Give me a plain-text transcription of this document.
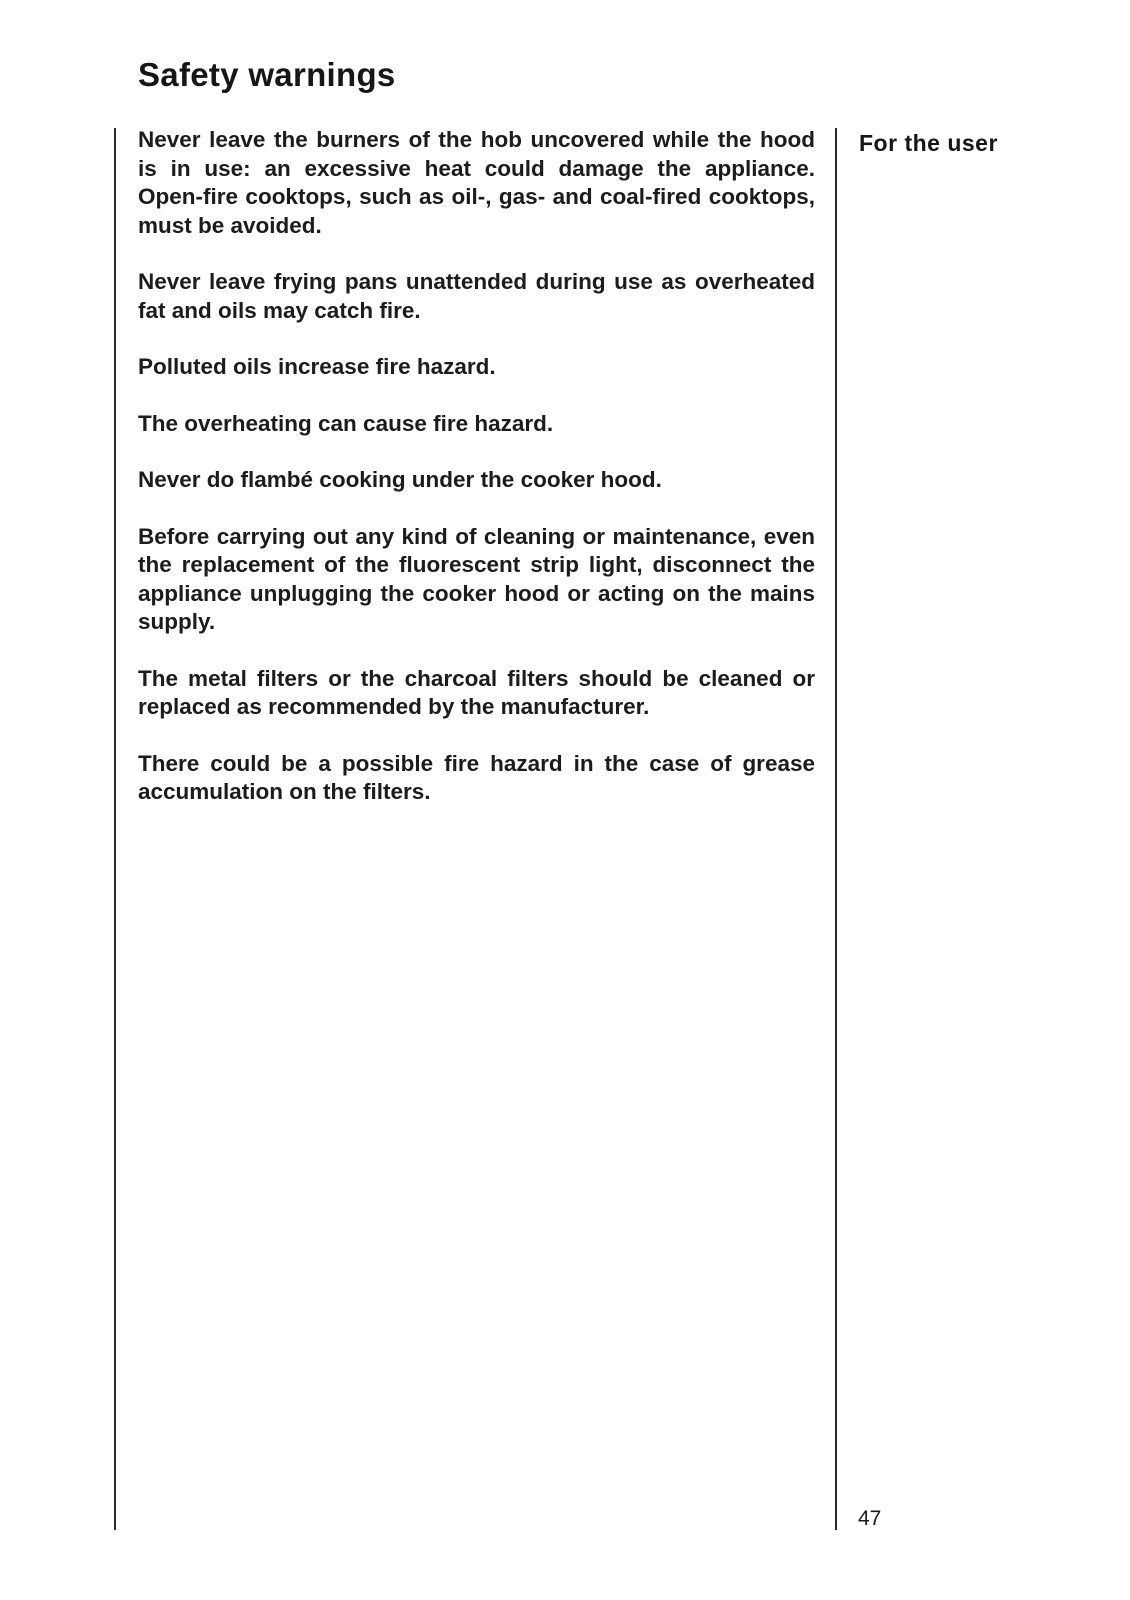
Safety warnings

Never leave the burners of the hob uncovered while the hood is in use: an excessive heat could damage the appliance. Open-fire cooktops, such as oil-, gas- and coal-fired cooktops, must be avoided.

Never leave frying pans unattended during use as overheated fat and oils may catch fire.

Polluted oils increase fire hazard.

The overheating can cause fire hazard.

Never do flambé cooking under the cooker hood.

Before carrying out any kind of cleaning or maintenance, even the replacement of the fluorescent strip light, disconnect the appliance unplugging the cooker hood or acting on the mains supply.

The metal filters or the charcoal filters should be cleaned or replaced as recommended by the manufacturer.

There could be a possible fire hazard in the case of grease accumulation on the filters.

For the user

47
